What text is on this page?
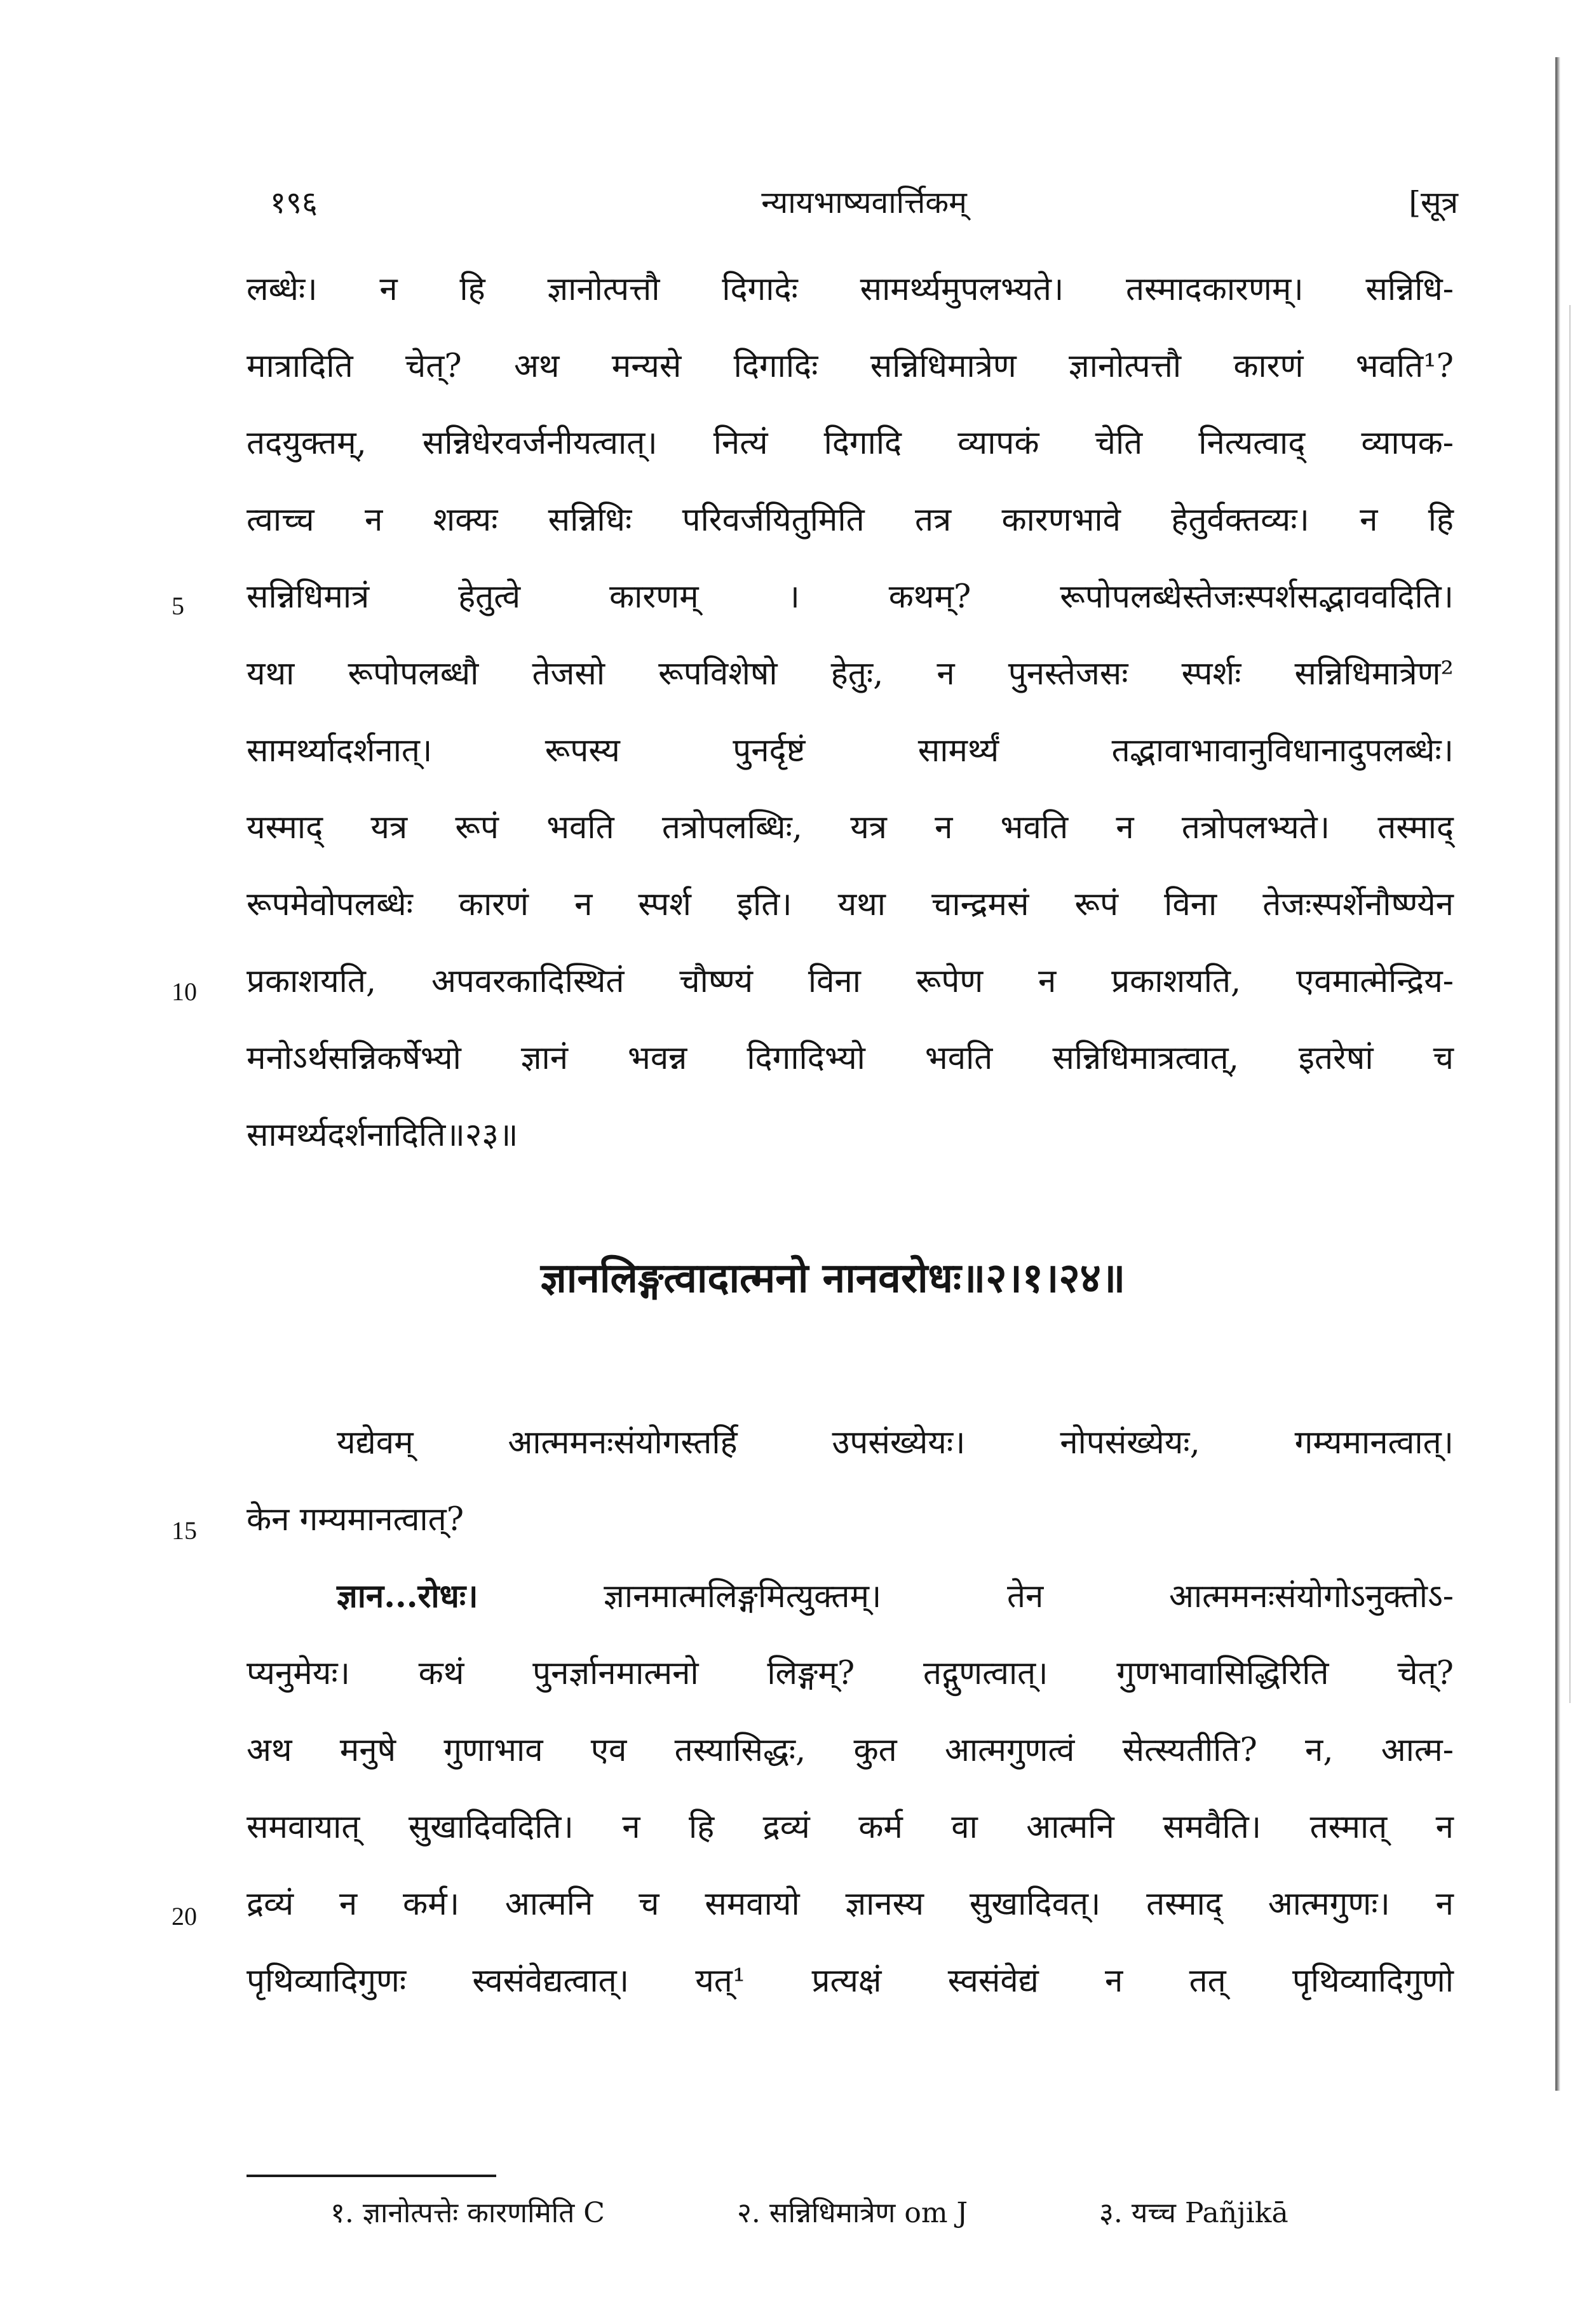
१९६	न्यायभाष्यवार्त्तिकम्	[सूत्र
लब्धेः। न हि ज्ञानोत्पत्तौ दिगादेः सामर्थ्यमुपलभ्यते। तस्मादकारणम्। सन्निधि-
मात्रादिति चेत्? अथ मन्यसे दिगादिः सन्निधिमात्रेण ज्ञानोत्पत्तौ कारणं भवति¹?
तदयुक्तम्, सन्निधेरवर्जनीयत्वात्। नित्यं दिगादि व्यापकं चेति नित्यत्वाद् व्यापक-
त्वाच्च न शक्यः सन्निधिः परिवर्जयितुमिति तत्र कारणभावे हेतुर्वक्तव्यः। न हि
सन्निधिमात्रं हेतुत्वे कारणम् । कथम्? रूपोपलब्धेस्तेजःस्पर्शसद्भाववदिति।
यथा रूपोपलब्धौ तेजसो रूपविशेषो हेतुः, न पुनस्तेजसः स्पर्शः सन्निधिमात्रेण²
सामर्थ्यादर्शनात्। रूपस्य पुनर्दृष्टं सामर्थ्यं तद्भावाभावानुविधानादुपलब्धेः।
यस्माद् यत्र रूपं भवति तत्रोपलब्धिः, यत्र न भवति न तत्रोपलभ्यते। तस्माद्
रूपमेवोपलब्धेः कारणं न स्पर्श इति। यथा चान्द्रमसं रूपं विना तेजःस्पर्शेनौष्ण्येन
प्रकाशयति, अपवरकादिस्थितं चौष्ण्यं विना रूपेण न प्रकाशयति, एवमात्मेन्द्रिय-
मनोऽर्थसन्निकर्षेभ्यो ज्ञानं भवन्न दिगादिभ्यो भवति सन्निधिमात्रत्वात्, इतरेषां च
सामर्थ्यदर्शनादिति॥२३॥
5
10
ज्ञानलिङ्गत्वादात्मनो नानवरोधः॥२।१।२४॥
यद्येवम् आत्ममनःसंयोगस्तर्हि उपसंख्येयः। नोपसंख्येयः, गम्यमानत्वात्।
केन गम्यमानत्वात्?
15
ज्ञान...रोधः। ज्ञानमात्मलिङ्गमित्युक्तम्। तेन आत्ममनःसंयोगोऽनुक्तोऽ-
प्यनुमेयः। कथं पुनर्ज्ञानमात्मनो लिङ्गम्? तद्गुणत्वात्। गुणभावासिद्धिरिति चेत्?
अथ मनुषे गुणाभाव एव तस्यासिद्धः, कुत आत्मगुणत्वं सेत्स्यतीति? न, आत्म-
समवायात् सुखादिवदिति। न हि द्रव्यं कर्म वा आत्मनि समवैति। तस्मात् न
द्रव्यं न कर्म। आत्मनि च समवायो ज्ञानस्य सुखादिवत्। तस्माद् आत्मगुणः। न
पृथिव्यादिगुणः स्वसंवेद्यत्वात्। यत्¹ प्रत्यक्षं स्वसंवेद्यं न तत् पृथिव्यादिगुणो
20
१. ज्ञानोत्पत्तेः कारणमिति C	२. सन्निधिमात्रेण om J	३. यच्च Pañjikā
